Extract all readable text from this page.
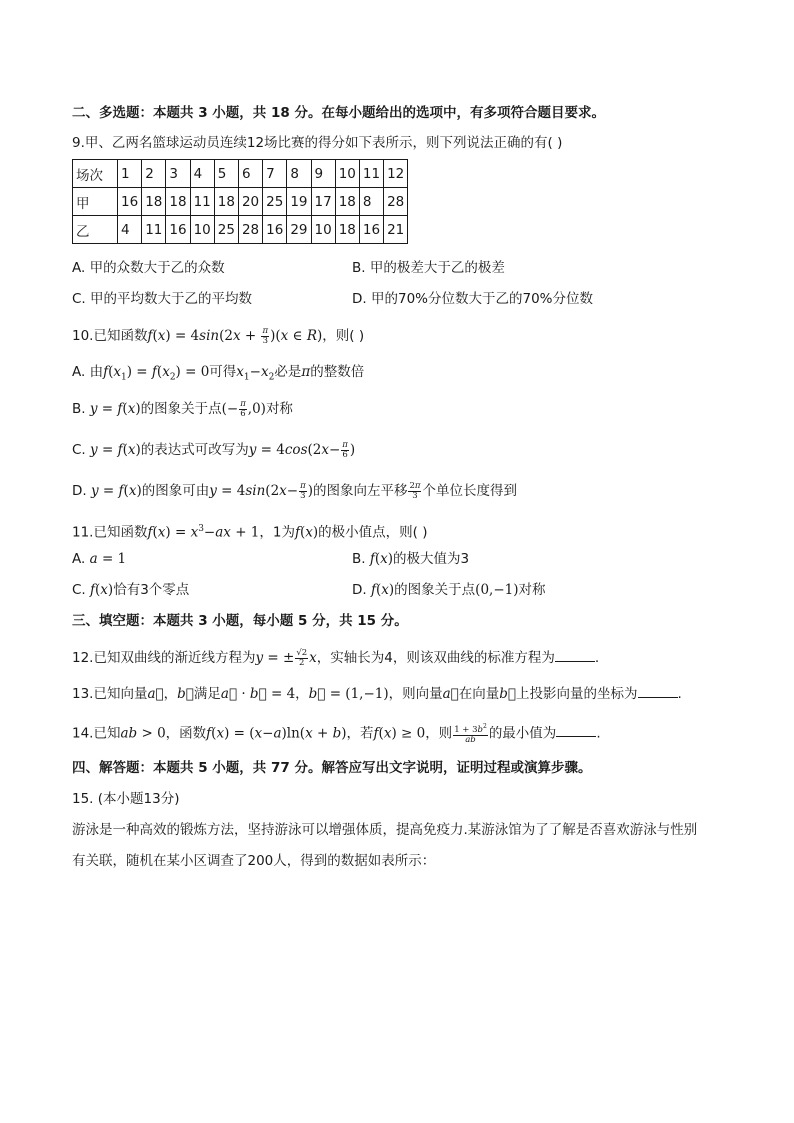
二、多选题：本题共 3 小题，共 18 分。在每小题给出的选项中，有多项符合题目要求。
9.甲、乙两名篮球运动员连续12场比赛的得分如下表所示，则下列说法正确的有( )
场次	1	2	3	4	5	6	7	8	9	10	11	12
甲	16	18	18	11	18	20	25	19	17	18	8	28
乙	4	11	16	10	25	28	16	29	10	18	16	21
A. 甲的众数大于乙的众数	B. 甲的极差大于乙的极差
C. 甲的平均数大于乙的平均数	D. 甲的70%分位数大于乙的70%分位数
10.已知函数$f(x) = 4\sin(2x + \frac{\pi}{3} )(x$ ∈ R)，则( )
A. 由$f(x_1) = f(x_2) = 0$可得$x_1-x_2$必是π的整数倍
B. y = f(x)的图象关于点(− $\frac{\pi}{6} ,0$)对称
C. y = f(x)的表达式可改写为$y = 4\cos(2x- \frac{\pi}{6}$ )
D. y = f(x)的图象可由$y = 4\sin(2x- \frac{\pi}{3}$ )的图象向左平移 $\frac{2\pi}{3}$ 个单位长度得到
11.已知函数$f(x) = x^3-ax + 1$，1为f(x)的极小值点，则( )
A. a = 1	B. f(x)的极大值为3
C. f(x)恰有3个零点	D. f(x)的图象关于点(0,−1)对称
三、填空题：本题共 3 小题，每小题 5 分，共 15 分。
12.已知双曲线的渐近线方程为y = ± $\frac{√2}{2}$ x，实轴长为4，则该双曲线的标准方程为	.
13.已知向量a⃗，b⃗满足a⃗ · b⃗ = 4，b⃗ = (1,−1)，则向量a⃗在向量b⃗上投影向量的坐标为	.
14.已知ab > 0，函数f(x) = (x−a)ln(x + b)，若f(x) ≥ 0，则 $\frac{1 + 3b^2}{ab}$ 的最小值为	.
四、解答题：本题共 5 小题，共 77 分。解答应写出文字说明，证明过程或演算步骤。
15. (本小题13分)
游泳是一种高效的锻炼方法，坚持游泳可以增强体质，提高免疫力.某游泳馆为了了解是否喜欢游泳与性别
有关联，随机在某小区调查了200人，得到的数据如表所示：
